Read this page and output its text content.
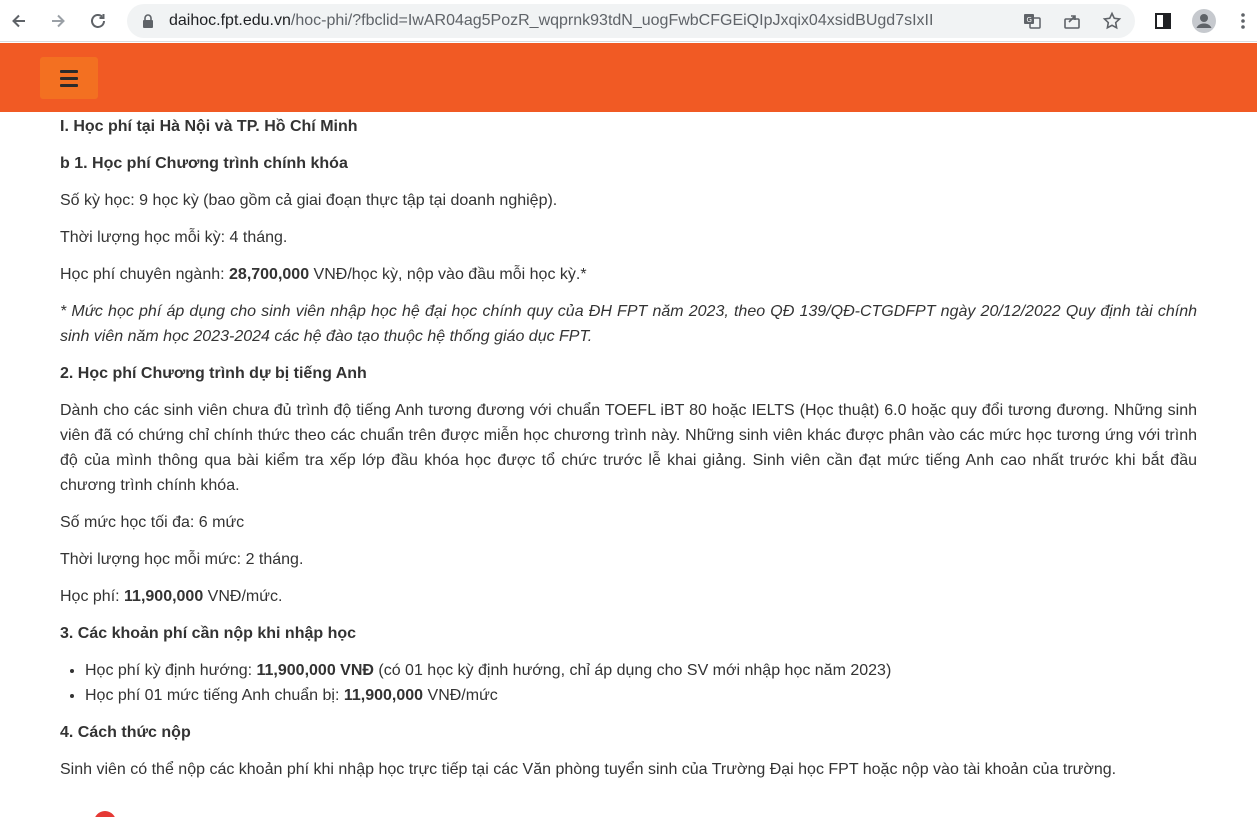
daihoc.fpt.edu.vn/hoc-phi/?fbclid=IwAR04ag5PozR_wqprnk93tdN_uogFwbCFGEiQIpJxqix04xsidBUgd7sIxII	G
I. Học phí tại Hà Nội và TP. Hồ Chí Minh
b 1. Học phí Chương trình chính khóa

Số kỳ học: 9 học kỳ (bao gồm cả giai đoạn thực tập tại doanh nghiệp).

Thời lượng học mỗi kỳ: 4 tháng.

Học phí chuyên ngành: 28,700,000 VNĐ/học kỳ, nộp vào đầu mỗi học kỳ.*

* Mức học phí áp dụng cho sinh viên nhập học hệ đại học chính quy của ĐH FPT năm 2023, theo QĐ 139/QĐ-CTGDFPT ngày 20/12/2022 Quy định tài chính sinh viên năm học 2023-2024 các hệ đào tạo thuộc hệ thống giáo dục FPT.

2. Học phí Chương trình dự bị tiếng Anh

Dành cho các sinh viên chưa đủ trình độ tiếng Anh tương đương với chuẩn TOEFL iBT 80 hoặc IELTS (Học thuật) 6.0 hoặc quy đổi tương đương. Những sinh viên đã có chứng chỉ chính thức theo các chuẩn trên được miễn học chương trình này. Những sinh viên khác được phân vào các mức học tương ứng với trình độ của mình thông qua bài kiểm tra xếp lớp đầu khóa học được tổ chức trước lễ khai giảng. Sinh viên cần đạt mức tiếng Anh cao nhất trước khi bắt đầu chương trình chính khóa.

Số mức học tối đa: 6 mức

Thời lượng học mỗi mức: 2 tháng.

Học phí: 11,900,000 VNĐ/mức.

3. Các khoản phí cần nộp khi nhập học
• Học phí kỳ định hướng: 11,900,000 VNĐ (có 01 học kỳ định hướng, chỉ áp dụng cho SV mới nhập học năm 2023)
• Học phí 01 mức tiếng Anh chuẩn bị: 11,900,000 VNĐ/mức
4. Cách thức nộp

Sinh viên có thể nộp các khoản phí khi nhập học trực tiếp tại các Văn phòng tuyển sinh của Trường Đại học FPT hoặc nộp vào tài khoản của trường.
